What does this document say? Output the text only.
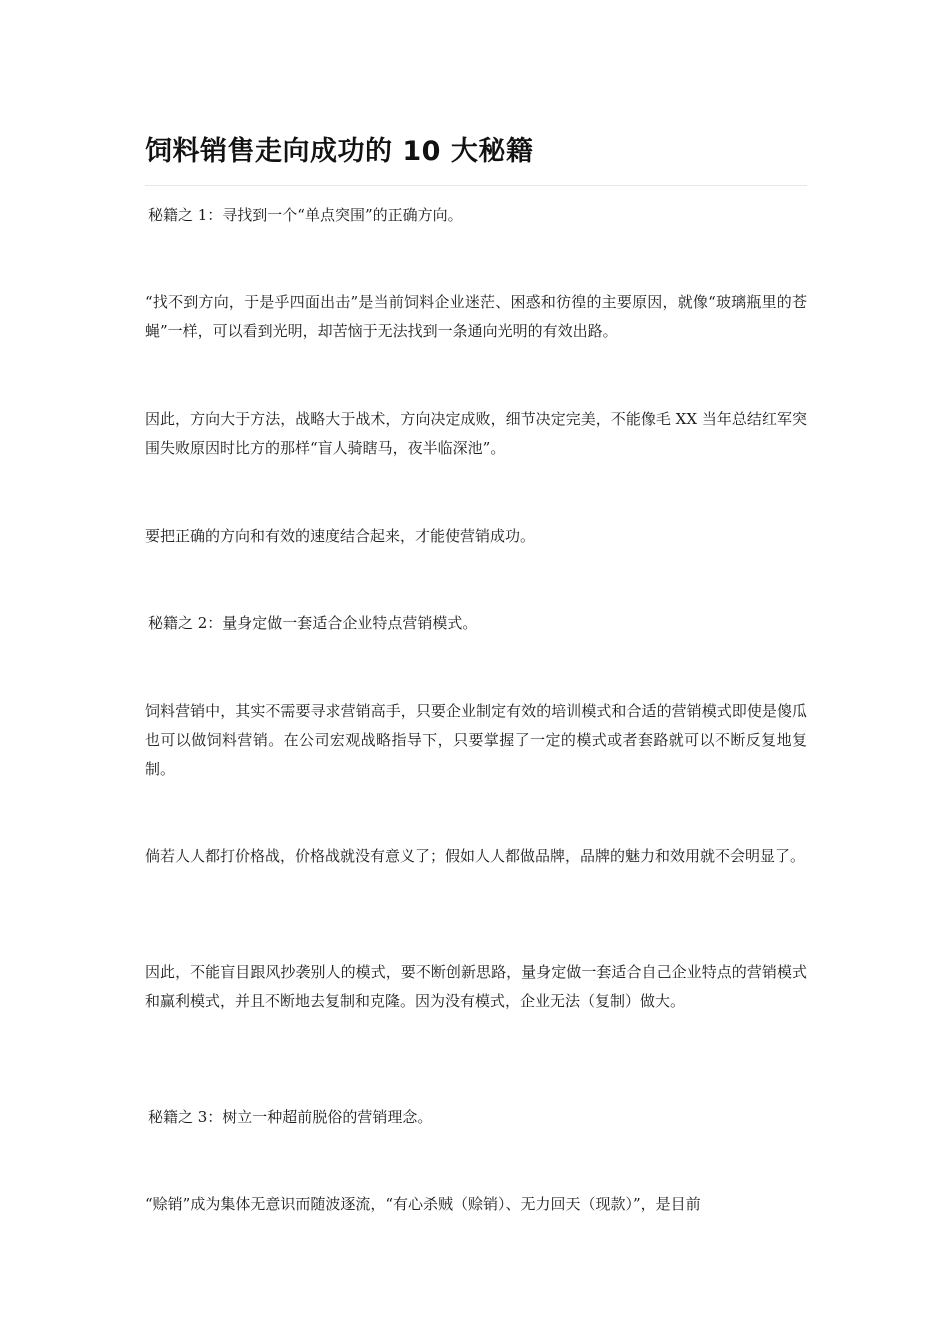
饲料销售走向成功的 10 大秘籍

秘籍之 1：寻找到一个“单点突围”的正确方向。

“找不到方向，于是乎四面出击”是当前饲料企业迷茫、困惑和彷徨的主要原因，就像“玻璃瓶里的苍蝇”一样，可以看到光明，却苦恼于无法找到一条通向光明的有效出路。

因此，方向大于方法，战略大于战术，方向决定成败，细节决定完美，不能像毛 XX 当年总结红军突围失败原因时比方的那样“盲人骑瞎马，夜半临深池”。

要把正确的方向和有效的速度结合起来，才能使营销成功。

秘籍之 2：量身定做一套适合企业特点营销模式。

饲料营销中，其实不需要寻求营销高手，只要企业制定有效的培训模式和合适的营销模式即使是傻瓜也可以做饲料营销。在公司宏观战略指导下，只要掌握了一定的模式或者套路就可以不断反复地复制。

倘若人人都打价格战，价格战就没有意义了；假如人人都做品牌，品牌的魅力和效用就不会明显了。

因此，不能盲目跟风抄袭别人的模式，要不断创新思路，量身定做一套适合自己企业特点的营销模式和赢利模式，并且不断地去复制和克隆。因为没有模式，企业无法（复制）做大。

秘籍之 3：树立一种超前脱俗的营销理念。

“赊销”成为集体无意识而随波逐流，“有心杀贼（赊销）、无力回天（现款）”，是目前
